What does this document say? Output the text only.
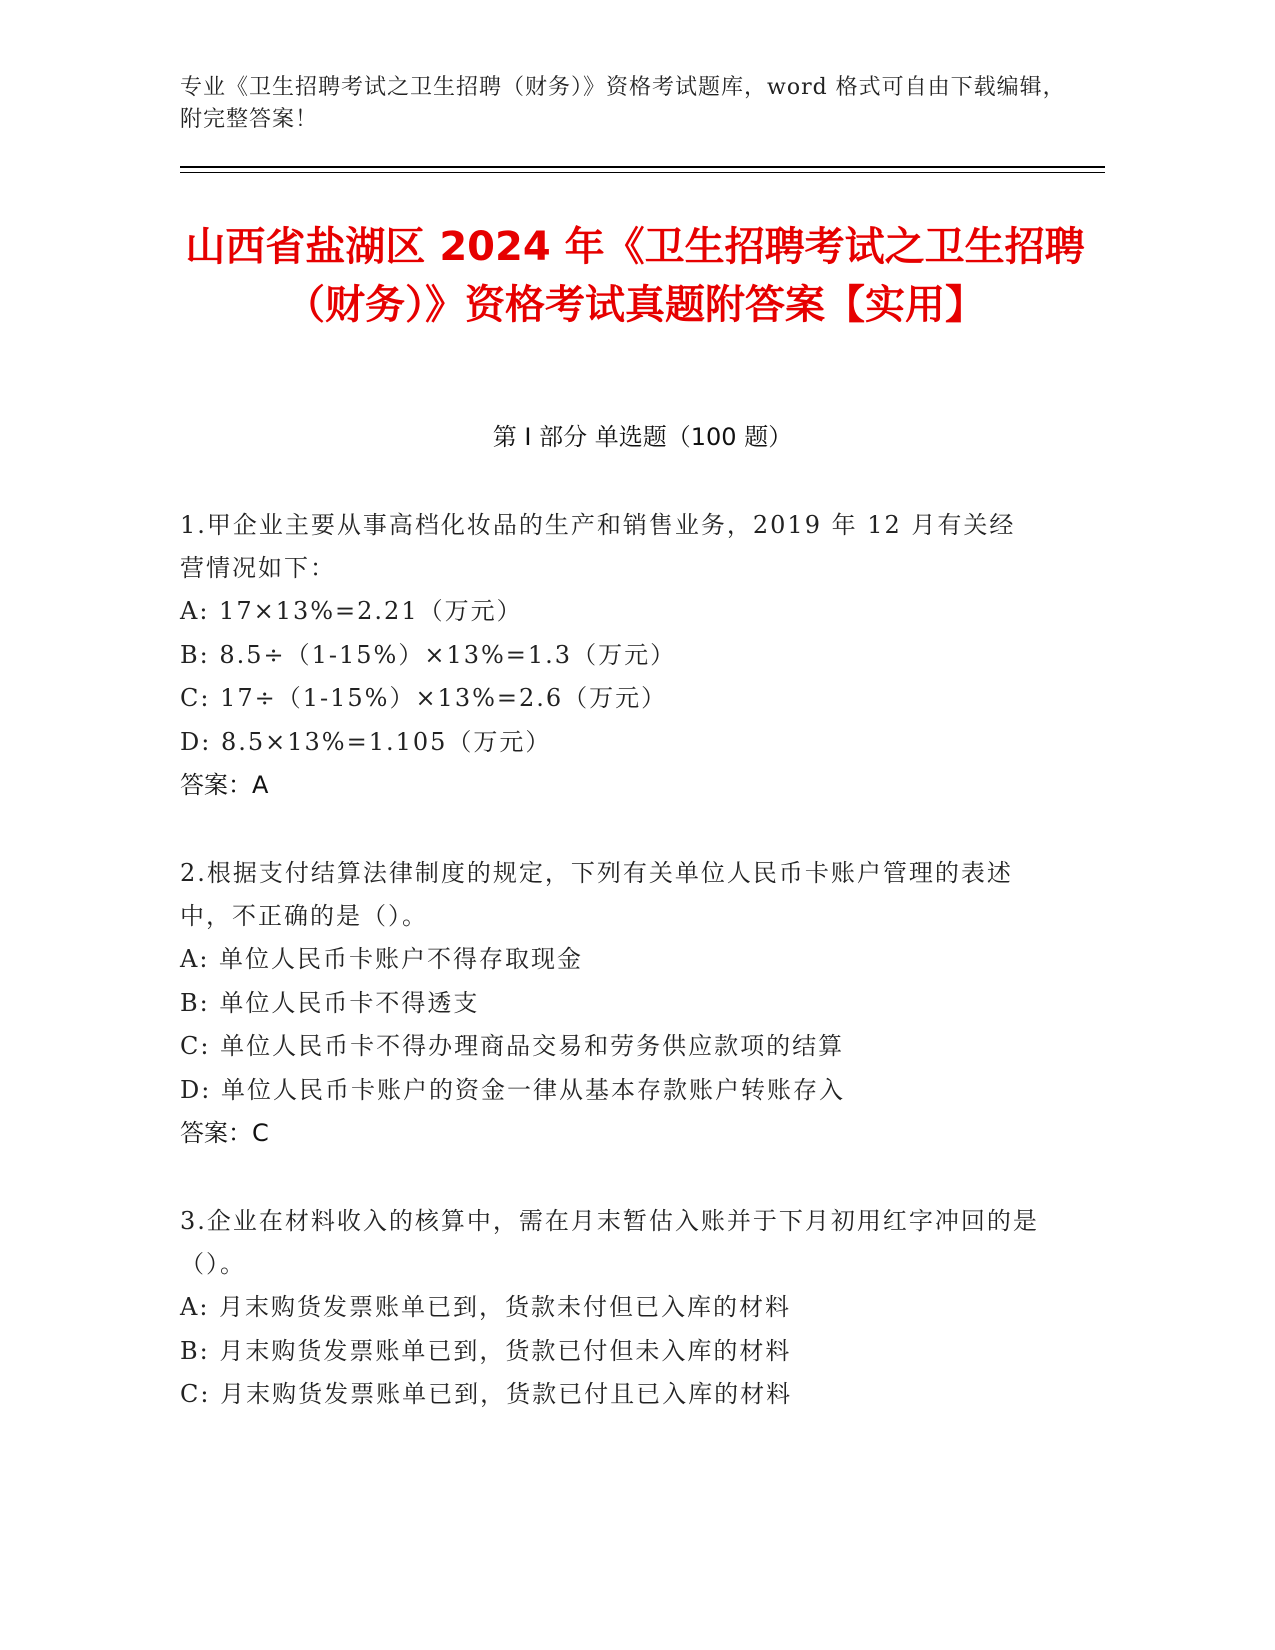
专业《卫生招聘考试之卫生招聘（财务）》资格考试题库，word 格式可自由下载编辑，附完整答案！
山西省盐湖区 2024 年《卫生招聘考试之卫生招聘（财务）》资格考试真题附答案【实用】
第 I 部分 单选题（100 题）
1.甲企业主要从事高档化妆品的生产和销售业务，2019 年 12 月有关经营情况如下：
A: 17×13%=2.21（万元）
B: 8.5÷（1-15%）×13%=1.3（万元）
C: 17÷（1-15%）×13%=2.6（万元）
D: 8.5×13%=1.105（万元）
答案：A
2.根据支付结算法律制度的规定，下列有关单位人民币卡账户管理的表述中，不正确的是（）。
A: 单位人民币卡账户不得存取现金
B: 单位人民币卡不得透支
C: 单位人民币卡不得办理商品交易和劳务供应款项的结算
D: 单位人民币卡账户的资金一律从基本存款账户转账存入
答案：C
3.企业在材料收入的核算中，需在月末暂估入账并于下月初用红字冲回的是（）。
A: 月末购货发票账单已到，货款未付但已入库的材料
B: 月末购货发票账单已到，货款已付但未入库的材料
C: 月末购货发票账单已到，货款已付且已入库的材料
